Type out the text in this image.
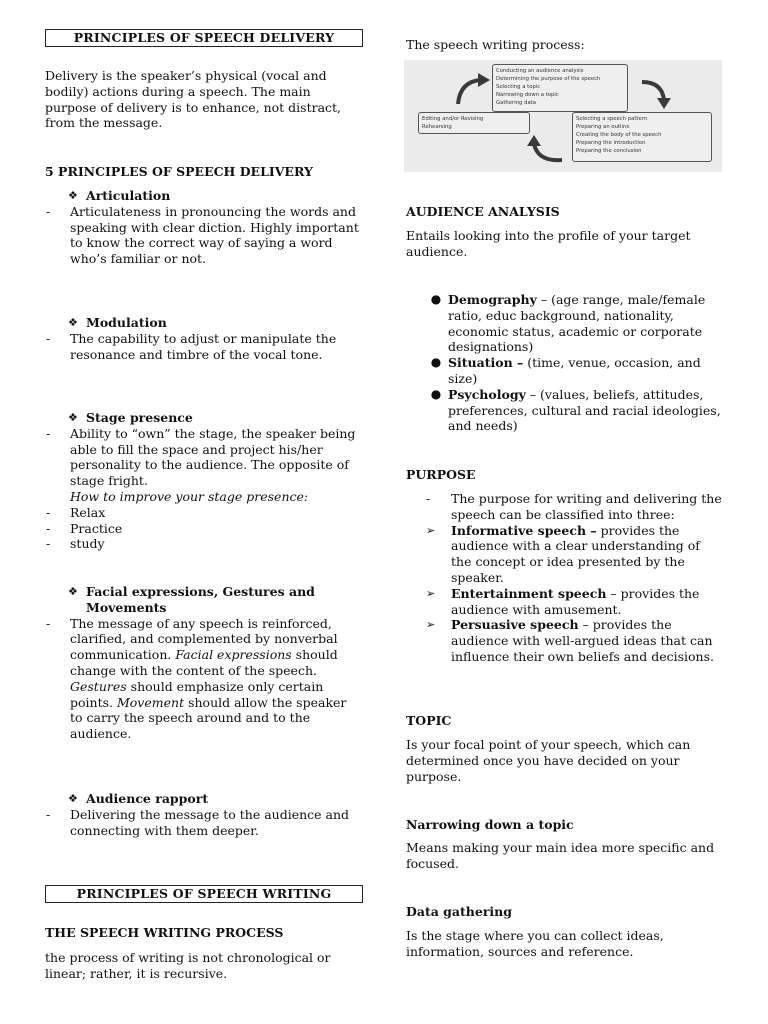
PRINCIPLES OF SPEECH DELIVERY

Delivery is the speaker’s physical (vocal and bodily) actions during a speech. The main purpose of delivery is to enhance, not distract, from the message.

5 PRINCIPLES OF SPEECH DELIVERY
❖ Articulation
-	Articulateness in pronouncing the words and speaking with clear diction. Highly important to know the correct way of saying a word who’s familiar or not.
❖ Modulation
-	The capability to adjust or manipulate the resonance and timbre of the vocal tone.
❖ Stage presence
-	Ability to “own” the stage, the speaker being able to fill the space and project his/her personality to the audience. The opposite of stage fright.
How to improve your stage presence:
-	Relax
-	Practice
-	study
❖ Facial expressions, Gestures and Movements
-	The message of any speech is reinforced, clarified, and complemented by nonverbal communication. Facial expressions should change with the content of the speech. Gestures should emphasize only certain points. Movement should allow the speaker to carry the speech around and to the audience.
❖ Audience rapport
-	Delivering the message to the audience and connecting with them deeper.
PRINCIPLES OF SPEECH WRITING
THE SPEECH WRITING PROCESS

the process of writing is not chronological or linear; rather, it is recursive.

The speech writing process:
Conducting an audience analysis
Determining the purpose of the speech
Selecting a topic
Narrowing down a topic
Gathering data
Selecting a speech pattern
Preparing an outline
Creating the body of the speech
Preparing the introduction
Preparing the conclusion
Editing and/or Revising
Rehearsing
AUDIENCE ANALYSIS

Entails looking into the profile of your target audience.

● Demography – (age range, male/female ratio, educ background, nationality, economic status, academic or corporate designations)
● Situation – (time, venue, occasion, and size)
● Psychology – (values, beliefs, attitudes, preferences, cultural and racial ideologies, and needs)
PURPOSE
-	The purpose for writing and delivering the speech can be classified into three:
➢	Informative speech – provides the audience with a clear understanding of the concept or idea presented by the speaker.
➢	Entertainment speech – provides the audience with amusement.
➢	Persuasive speech – provides the audience with well-argued ideas that can influence their own beliefs and decisions.
TOPIC

Is your focal point of your speech, which can determined once you have decided on your purpose.

Narrowing down a topic

Means making your main idea more specific and focused.

Data gathering

Is the stage where you can collect ideas, information, sources and reference.
